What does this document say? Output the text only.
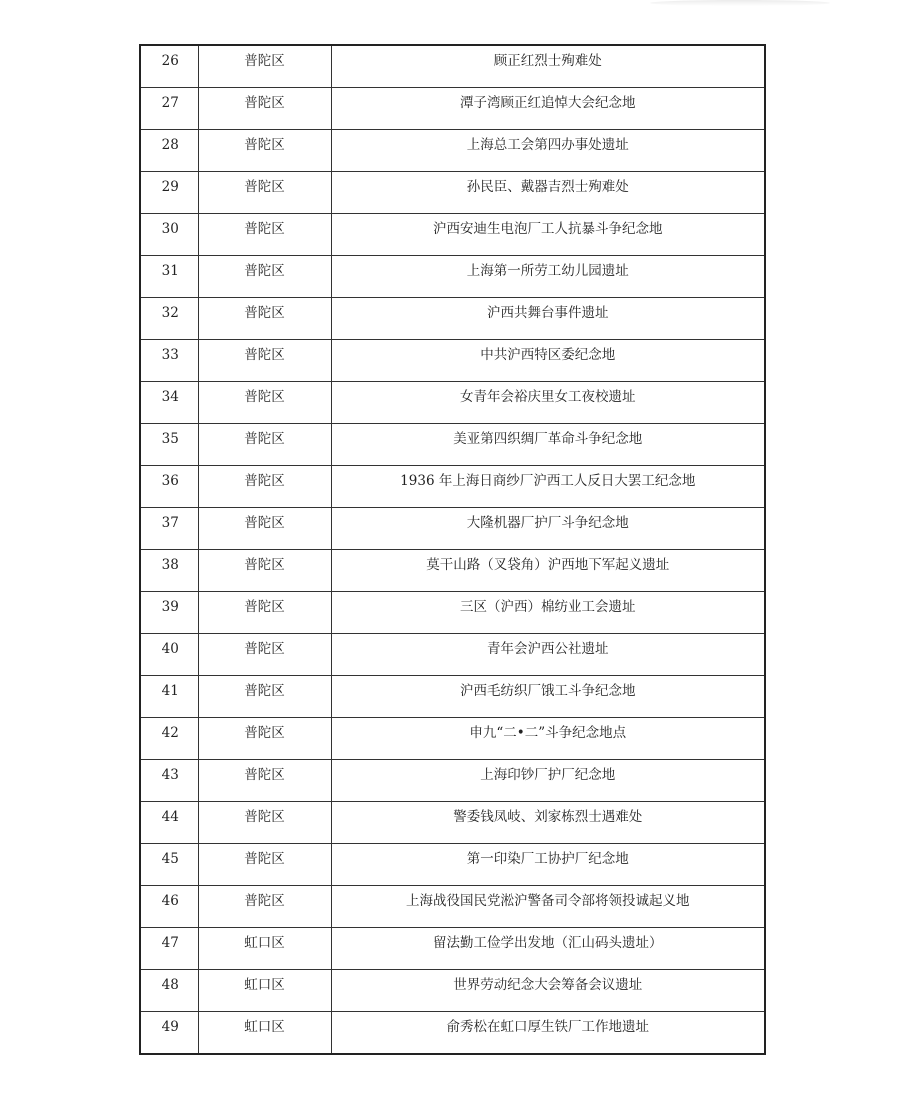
26	普陀区	顾正红烈士殉难处
27	普陀区	潭子湾顾正红追悼大会纪念地
28	普陀区	上海总工会第四办事处遗址
29	普陀区	孙民臣、戴器吉烈士殉难处
30	普陀区	沪西安迪生电泡厂工人抗暴斗争纪念地
31	普陀区	上海第一所劳工幼儿园遗址
32	普陀区	沪西共舞台事件遗址
33	普陀区	中共沪西特区委纪念地
34	普陀区	女青年会裕庆里女工夜校遗址
35	普陀区	美亚第四织绸厂革命斗争纪念地
36	普陀区	1936 年上海日商纱厂沪西工人反日大罢工纪念地
37	普陀区	大隆机器厂护厂斗争纪念地
38	普陀区	莫干山路（叉袋角）沪西地下军起义遗址
39	普陀区	三区（沪西）棉纺业工会遗址
40	普陀区	青年会沪西公社遗址
41	普陀区	沪西毛纺织厂饿工斗争纪念地
42	普陀区	申九“二•二”斗争纪念地点
43	普陀区	上海印钞厂护厂纪念地
44	普陀区	警委钱凤岐、刘家栋烈士遇难处
45	普陀区	第一印染厂工协护厂纪念地
46	普陀区	上海战役国民党淞沪警备司令部将领投诚起义地
47	虹口区	留法勤工俭学出发地（汇山码头遗址）
48	虹口区	世界劳动纪念大会筹备会议遗址
49	虹口区	俞秀松在虹口厚生铁厂工作地遗址
